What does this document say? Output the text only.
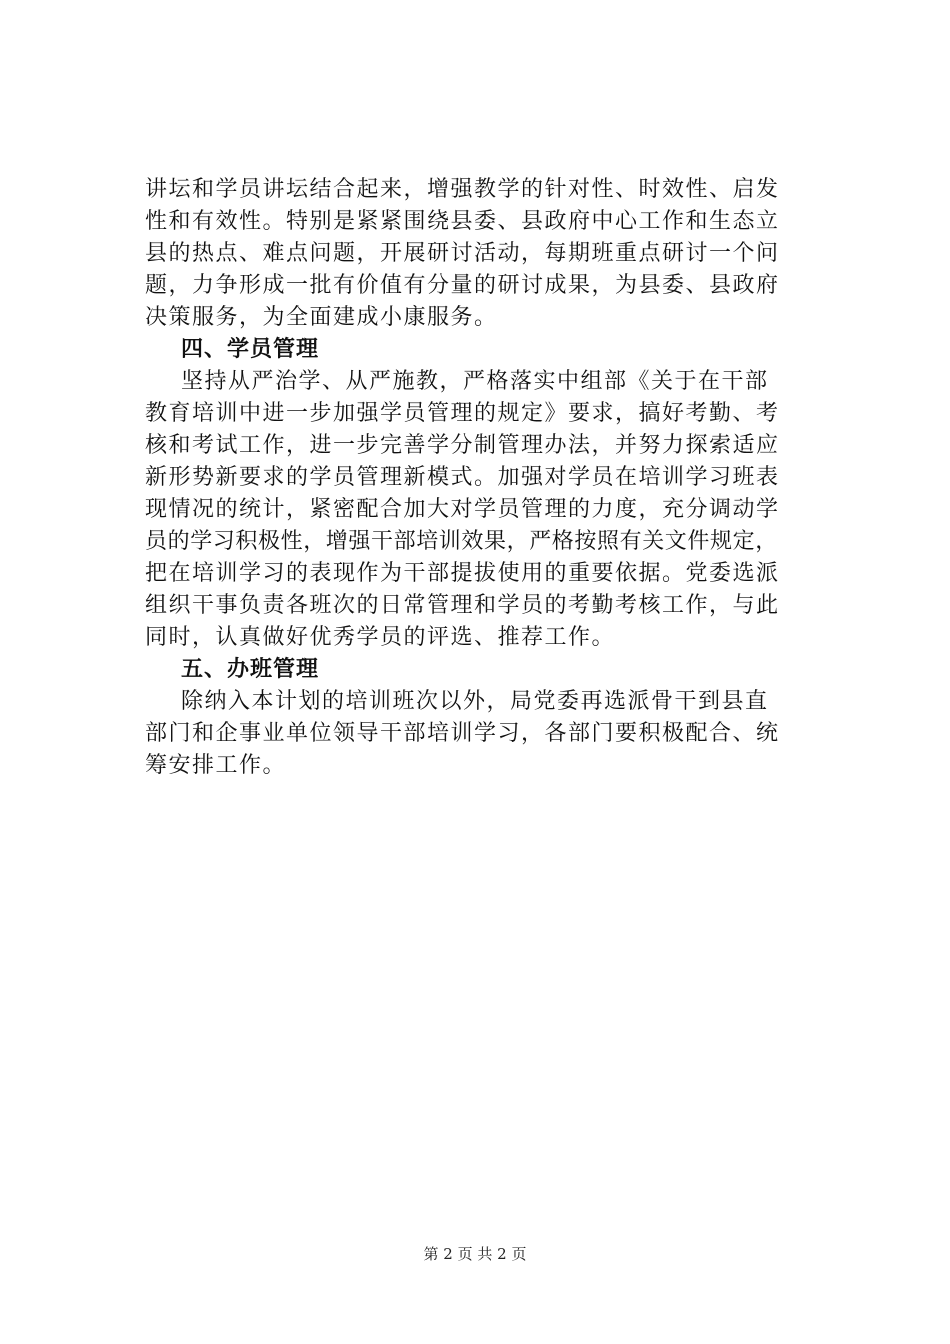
讲坛和学员讲坛结合起来，增强教学的针对性、时效性、启发
性和有效性。特别是紧紧围绕县委、县政府中心工作和生态立
县的热点、难点问题，开展研讨活动，每期班重点研讨一个问
题，力争形成一批有价值有分量的研讨成果，为县委、县政府
决策服务，为全面建成小康服务。
四、学员管理
坚持从严治学、从严施教，严格落实中组部《关于在干部
教育培训中进一步加强学员管理的规定》要求，搞好考勤、考
核和考试工作，进一步完善学分制管理办法，并努力探索适应
新形势新要求的学员管理新模式。加强对学员在培训学习班表
现情况的统计，紧密配合加大对学员管理的力度，充分调动学
员的学习积极性，增强干部培训效果，严格按照有关文件规定，
把在培训学习的表现作为干部提拔使用的重要依据。党委选派
组织干事负责各班次的日常管理和学员的考勤考核工作，与此
同时，认真做好优秀学员的评选、推荐工作。
五、办班管理
除纳入本计划的培训班次以外，局党委再选派骨干到县直
部门和企事业单位领导干部培训学习，各部门要积极配合、统
筹安排工作。
第 2 页 共 2 页
